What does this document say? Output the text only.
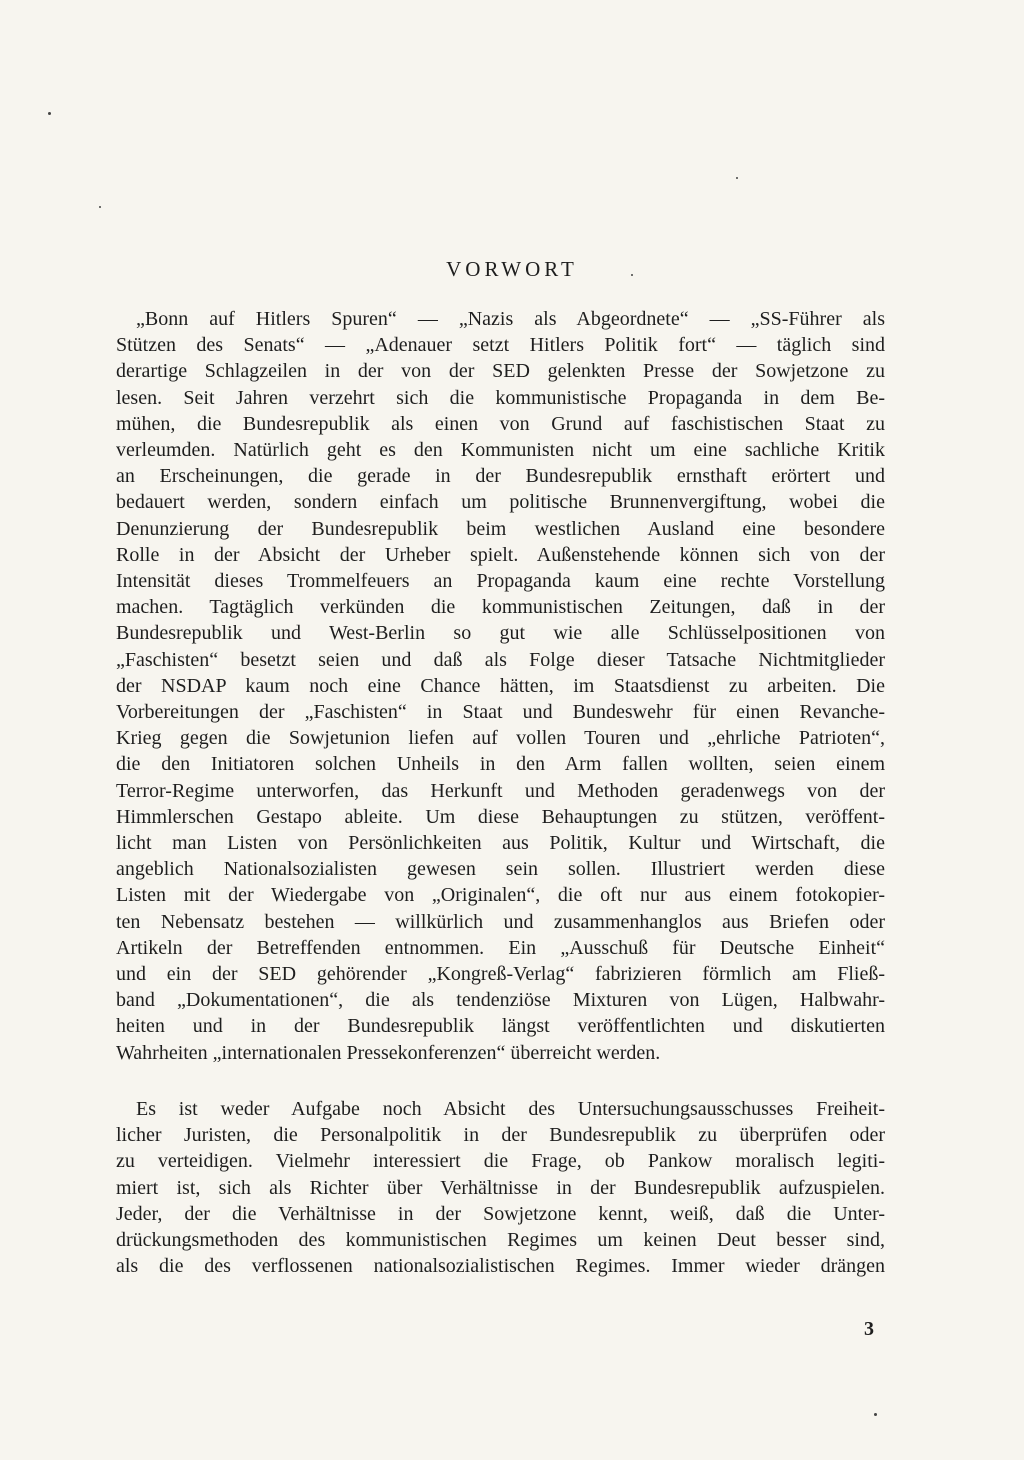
VORWORT
„Bonn auf Hitlers Spuren“ — „Nazis als Abgeordnete“ — „SS-Führer als
Stützen des Senats“ — „Adenauer setzt Hitlers Politik fort“ — täglich sind
derartige Schlagzeilen in der von der SED gelenkten Presse der Sowjetzone zu
lesen. Seit Jahren verzehrt sich die kommunistische Propaganda in dem Be-
mühen, die Bundesrepublik als einen von Grund auf faschistischen Staat zu
verleumden. Natürlich geht es den Kommunisten nicht um eine sachliche Kritik
an Erscheinungen, die gerade in der Bundesrepublik ernsthaft erörtert und
bedauert werden, sondern einfach um politische Brunnenvergiftung, wobei die
Denunzierung der Bundesrepublik beim westlichen Ausland eine besondere
Rolle in der Absicht der Urheber spielt. Außenstehende können sich von der
Intensität dieses Trommelfeuers an Propaganda kaum eine rechte Vorstellung
machen. Tagtäglich verkünden die kommunistischen Zeitungen, daß in der
Bundesrepublik und West-Berlin so gut wie alle Schlüsselpositionen von
„Faschisten“ besetzt seien und daß als Folge dieser Tatsache Nichtmitglieder
der NSDAP kaum noch eine Chance hätten, im Staatsdienst zu arbeiten. Die
Vorbereitungen der „Faschisten“ in Staat und Bundeswehr für einen Revanche-
Krieg gegen die Sowjetunion liefen auf vollen Touren und „ehrliche Patrioten“,
die den Initiatoren solchen Unheils in den Arm fallen wollten, seien einem
Terror-Regime unterworfen, das Herkunft und Methoden geradenwegs von der
Himmlerschen Gestapo ableite. Um diese Behauptungen zu stützen, veröffent-
licht man Listen von Persönlichkeiten aus Politik, Kultur und Wirtschaft, die
angeblich Nationalsozialisten gewesen sein sollen. Illustriert werden diese
Listen mit der Wiedergabe von „Originalen“, die oft nur aus einem fotokopier-
ten Nebensatz bestehen — willkürlich und zusammenhanglos aus Briefen oder
Artikeln der Betreffenden entnommen. Ein „Ausschuß für Deutsche Einheit“
und ein der SED gehörender „Kongreß-Verlag“ fabrizieren förmlich am Fließ-
band „Dokumentationen“, die als tendenziöse Mixturen von Lügen, Halbwahr-
heiten und in der Bundesrepublik längst veröffentlichten und diskutierten
Wahrheiten „internationalen Pressekonferenzen“ überreicht werden.
Es ist weder Aufgabe noch Absicht des Untersuchungsausschusses Freiheit-
licher Juristen, die Personalpolitik in der Bundesrepublik zu überprüfen oder
zu verteidigen. Vielmehr interessiert die Frage, ob Pankow moralisch legiti-
miert ist, sich als Richter über Verhältnisse in der Bundesrepublik aufzuspielen.
Jeder, der die Verhältnisse in der Sowjetzone kennt, weiß, daß die Unter-
drückungsmethoden des kommunistischen Regimes um keinen Deut besser sind,
als die des verflossenen nationalsozialistischen Regimes. Immer wieder drängen
3
